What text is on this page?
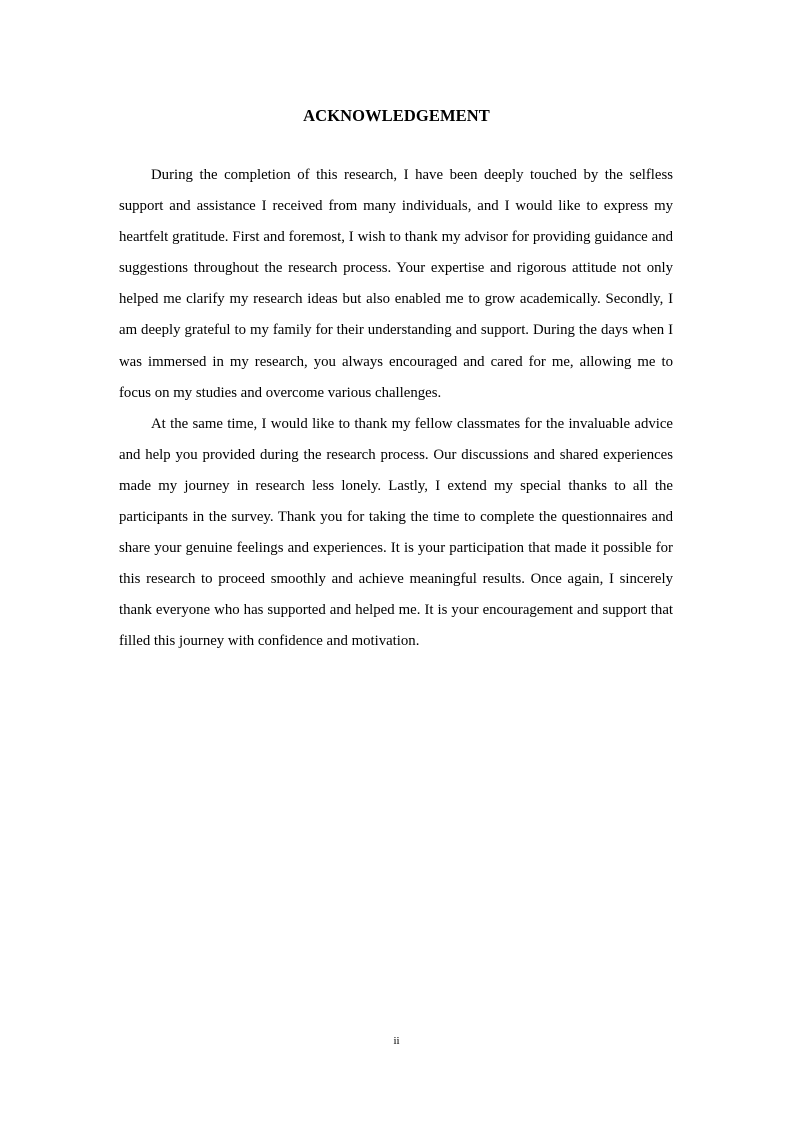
ACKNOWLEDGEMENT

During the completion of this research, I have been deeply touched by the selfless support and assistance I received from many individuals, and I would like to express my heartfelt gratitude. First and foremost, I wish to thank my advisor for providing guidance and suggestions throughout the research process. Your expertise and rigorous attitude not only helped me clarify my research ideas but also enabled me to grow academically. Secondly, I am deeply grateful to my family for their understanding and support. During the days when I was immersed in my research, you always encouraged and cared for me, allowing me to focus on my studies and overcome various challenges.

At the same time, I would like to thank my fellow classmates for the invaluable advice and help you provided during the research process. Our discussions and shared experiences made my journey in research less lonely. Lastly, I extend my special thanks to all the participants in the survey. Thank you for taking the time to complete the questionnaires and share your genuine feelings and experiences. It is your participation that made it possible for this research to proceed smoothly and achieve meaningful results. Once again, I sincerely thank everyone who has supported and helped me. It is your encouragement and support that filled this journey with confidence and motivation.

ii
